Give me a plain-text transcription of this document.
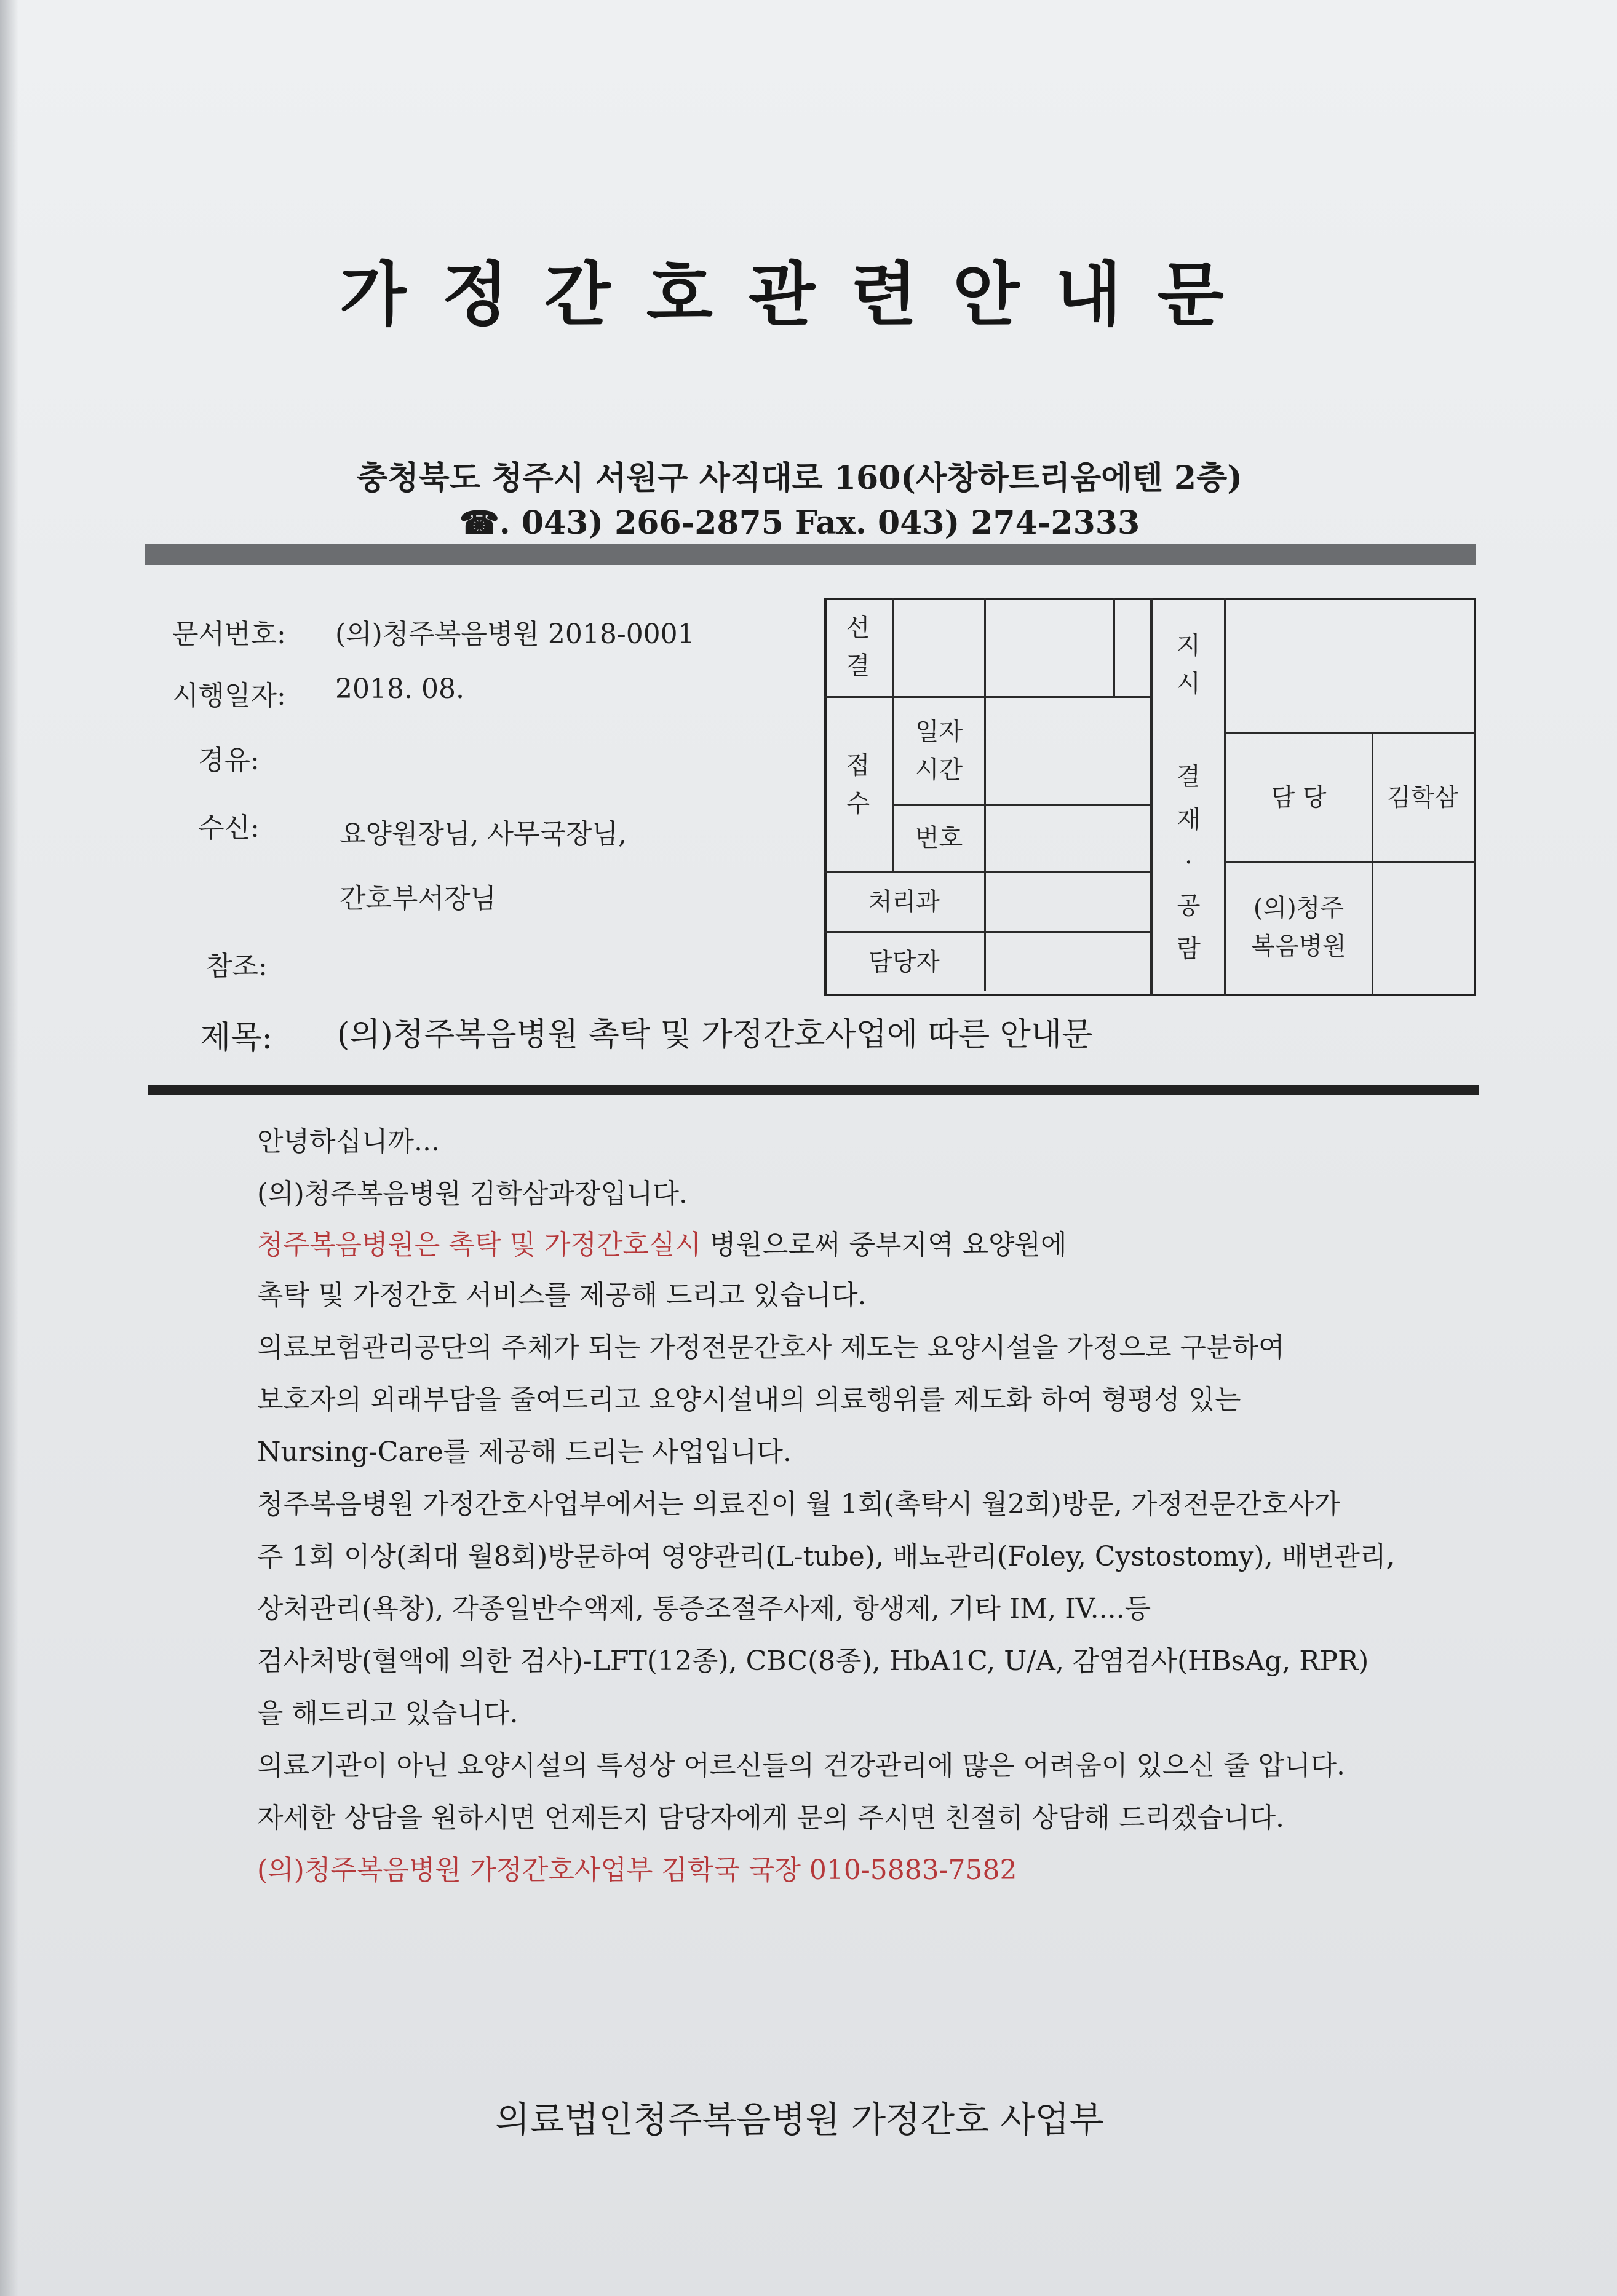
가정간호관련안내문
충청북도 청주시 서원구 사직대로 160(사창하트리움에텐 2층)
☎. 043) 266-2875 Fax. 043) 274-2333
문서번호: (의)청주복음병원 2018-0001
시행일자: 2018. 08.
경유:
수신:	요양원장님, 사무국장님,
간호부서장님
참조:
제목: (의)청주복음병원 촉탁 및 가정간호사업에 따른 안내문
선
결
접
수
일자
시간
번호
처리과
담당자
지
시
결
재
·
공
람
담 당	김학삼
(의)청주
복음병원
안녕하십니까...
(의)청주복음병원 김학삼과장입니다.
청주복음병원은 촉탁 및 가정간호실시 병원으로써 중부지역 요양원에
촉탁 및 가정간호 서비스를 제공해 드리고 있습니다.
의료보험관리공단의 주체가 되는 가정전문간호사 제도는 요양시설을 가정으로 구분하여
보호자의 외래부담을 줄여드리고 요양시설내의 의료행위를 제도화 하여 형평성 있는
Nursing-Care를 제공해 드리는 사업입니다.
청주복음병원 가정간호사업부에서는 의료진이 월 1회(촉탁시 월2회)방문, 가정전문간호사가
주 1회 이상(최대 월8회)방문하여 영양관리(L-tube), 배뇨관리(Foley, Cystostomy), 배변관리,
상처관리(욕창), 각종일반수액제, 통증조절주사제, 항생제, 기타 IM, IV....등
검사처방(혈액에 의한 검사)-LFT(12종), CBC(8종), HbA1C, U/A, 감염검사(HBsAg, RPR)
을 해드리고 있습니다.
의료기관이 아닌 요양시설의 특성상 어르신들의 건강관리에 많은 어려움이 있으신 줄 압니다.
자세한 상담을 원하시면 언제든지 담당자에게 문의 주시면 친절히 상담해 드리겠습니다.
(의)청주복음병원 가정간호사업부 김학국 국장 010-5883-7582
의료법인청주복음병원 가정간호 사업부
